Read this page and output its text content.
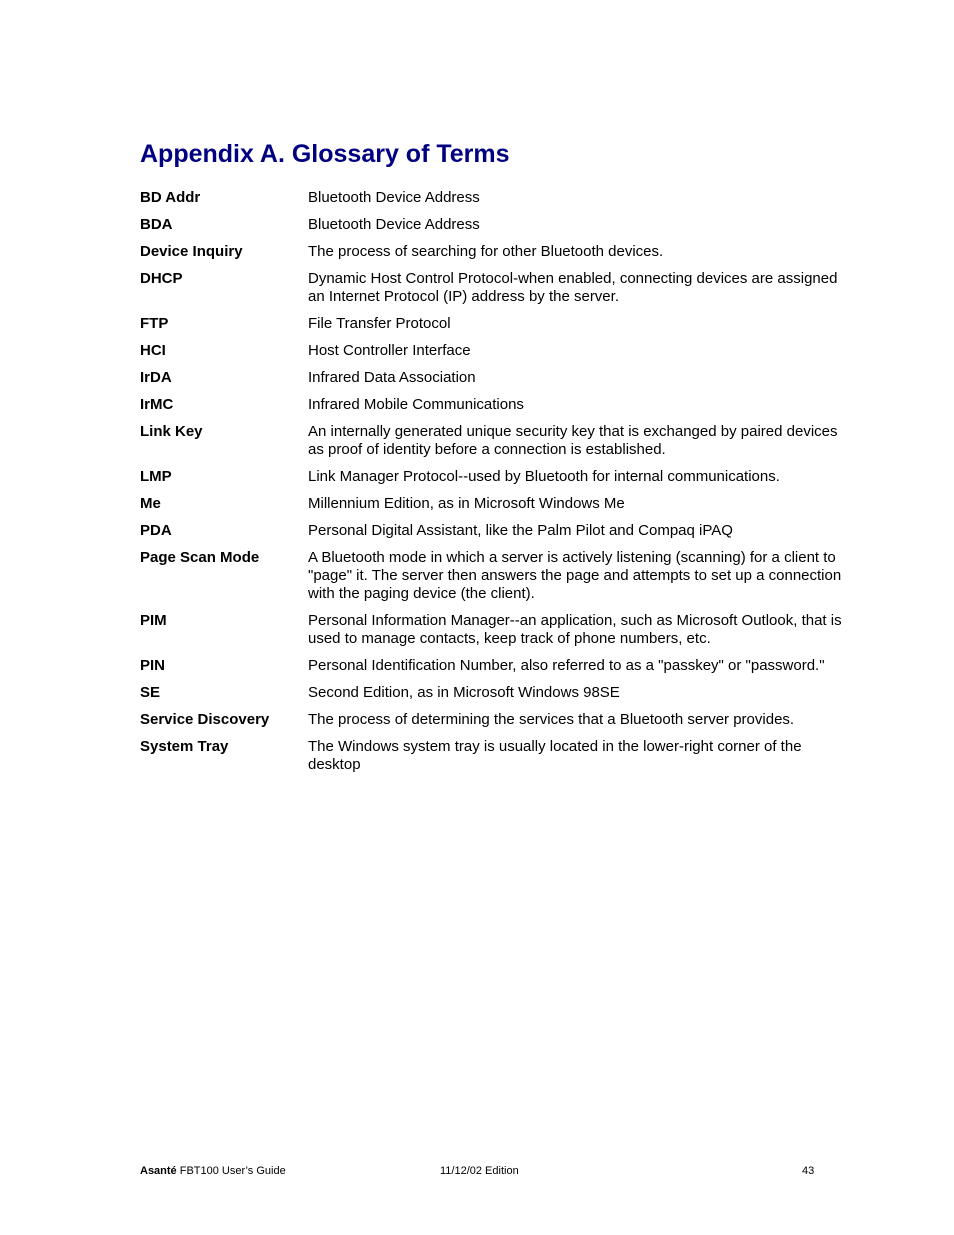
Appendix A. Glossary of Terms
BD Addr	Bluetooth Device Address
BDA	Bluetooth Device Address
Device Inquiry	The process of searching for other Bluetooth devices.
DHCP	Dynamic Host Control Protocol-when enabled, connecting devices are assigned an Internet Protocol (IP) address by the server.
FTP	File Transfer Protocol
HCI	Host Controller Interface
IrDA	Infrared Data Association
IrMC	Infrared Mobile Communications
Link Key	An internally generated unique security key that is exchanged by paired devices as proof of identity before a connection is established.
LMP	Link Manager Protocol--used by Bluetooth for internal communications.
Me	Millennium Edition, as in Microsoft Windows Me
PDA	Personal Digital Assistant, like the Palm Pilot and Compaq iPAQ
Page Scan Mode	A Bluetooth mode in which a server is actively listening (scanning) for a client to "page" it. The server then answers the page and attempts to set up a connection with the paging device (the client).
PIM	Personal Information Manager--an application, such as Microsoft Outlook, that is used to manage contacts, keep track of phone numbers, etc.
PIN	Personal Identification Number, also referred to as a "passkey" or "password."
SE	Second Edition, as in Microsoft Windows 98SE
Service Discovery	The process of determining the services that a Bluetooth server provides.
System Tray	The Windows system tray is usually located in the lower-right corner of the desktop
Asanté FBT100 User’s Guide	11/12/02 Edition	43
